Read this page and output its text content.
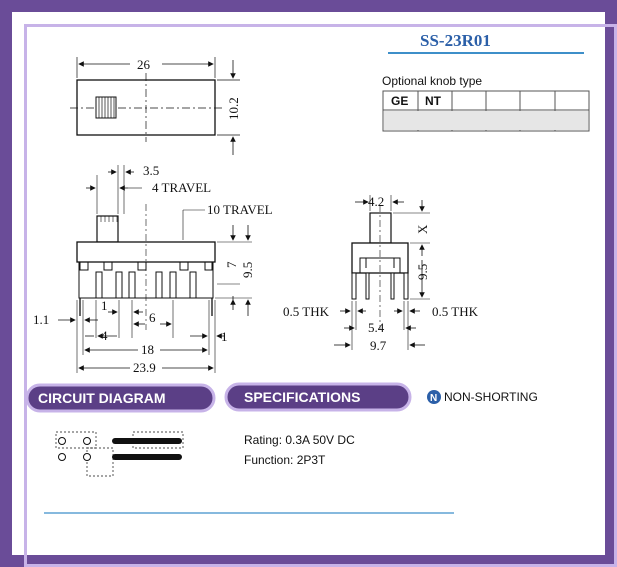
SS-23R01
Optional knob type
GE NT
26
10.2
3.5
4 TRAVEL
10 TRAVEL
7 9.5
1.1
1
6
4	1
18
23.9
4.2
X
9.5
0.5 THK	0.5 THK
5.4
9.7
CIRCUIT DIAGRAM	SPECIFICATIONS	N NON-SHORTING
Rating: 0.3A 50V DC
Function: 2P3T
